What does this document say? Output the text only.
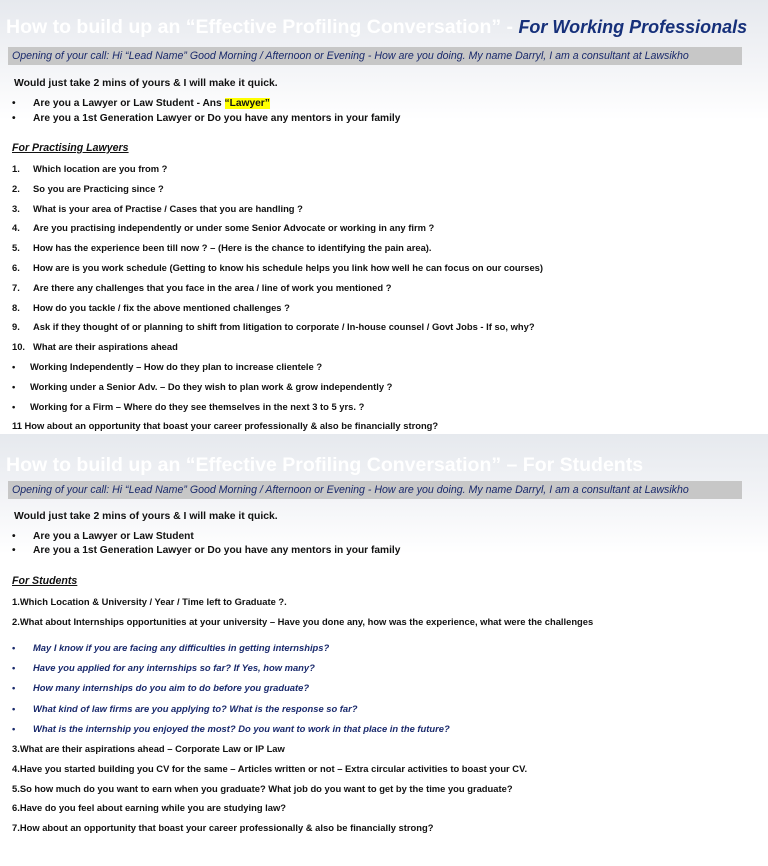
How to build up an “Effective Profiling Conversation” - For Working Professionals
Opening of your call: Hi “Lead Name” Good Morning / Afternoon or Evening - How are you doing. My name Darryl, I am a consultant at Lawsikho
Would just take 2 mins of yours & I will make it quick.
• Are you a Lawyer or Law Student - Ans “Lawyer”
• Are you a 1st Generation Lawyer or Do you have any mentors in your family
For Practising Lawyers
1. Which location are you from ?
2. So you are Practicing since ?
3. What is your area of Practise / Cases that you are handling ?
4. Are you practising independently or under some Senior Advocate or working in any firm ?
5. How has the experience been till now ? – (Here is the chance to identifying the pain area).
6. How are is you work schedule (Getting to know his schedule helps you link how well he can focus on our courses)
7. Are there any challenges that you face in the area / line of work you mentioned ?
8. How do you tackle / fix the above mentioned challenges ?
9. Ask if they thought of or planning to shift from litigation to corporate / In-house counsel / Govt Jobs - If so, why?
10. What are their aspirations ahead
• Working Independently – How do they plan to increase clientele ?
• Working under a Senior Adv. – Do they wish to plan work & grow independently ?
• Working for a Firm – Where do they see themselves in the next 3 to 5 yrs. ?
11 How about an opportunity that boast your career professionally & also be financially strong?
How to build up an “Effective Profiling Conversation” – For Students
Opening of your call: Hi “Lead Name” Good Morning / Afternoon or Evening - How are you doing. My name Darryl, I am a consultant at Lawsikho
Would just take 2 mins of yours & I will make it quick.
• Are you a Lawyer or Law Student
• Are you a 1st Generation Lawyer or Do you have any mentors in your family
For Students
1.Which Location & University / Year / Time left to Graduate ?.
2.What about Internships opportunities at your university – Have you done any, how was the experience, what were the challenges
• May I know if you are facing any difficulties in getting internships?
• Have you applied for any internships so far? If Yes, how many?
• How many internships do you aim to do before you graduate?
• What kind of law firms are you applying to? What is the response so far?
• What is the internship you enjoyed the most? Do you want to work in that place in the future?
3.What are their aspirations ahead – Corporate Law or IP Law
4.Have you started building you CV for the same – Articles written or not – Extra circular activities to boast your CV.
5.So how much do you want to earn when you graduate? What job do you want to get by the time you graduate?
6.Have do you feel about earning while you are studying law?
7.How about an opportunity that boast your career professionally & also be financially strong?
